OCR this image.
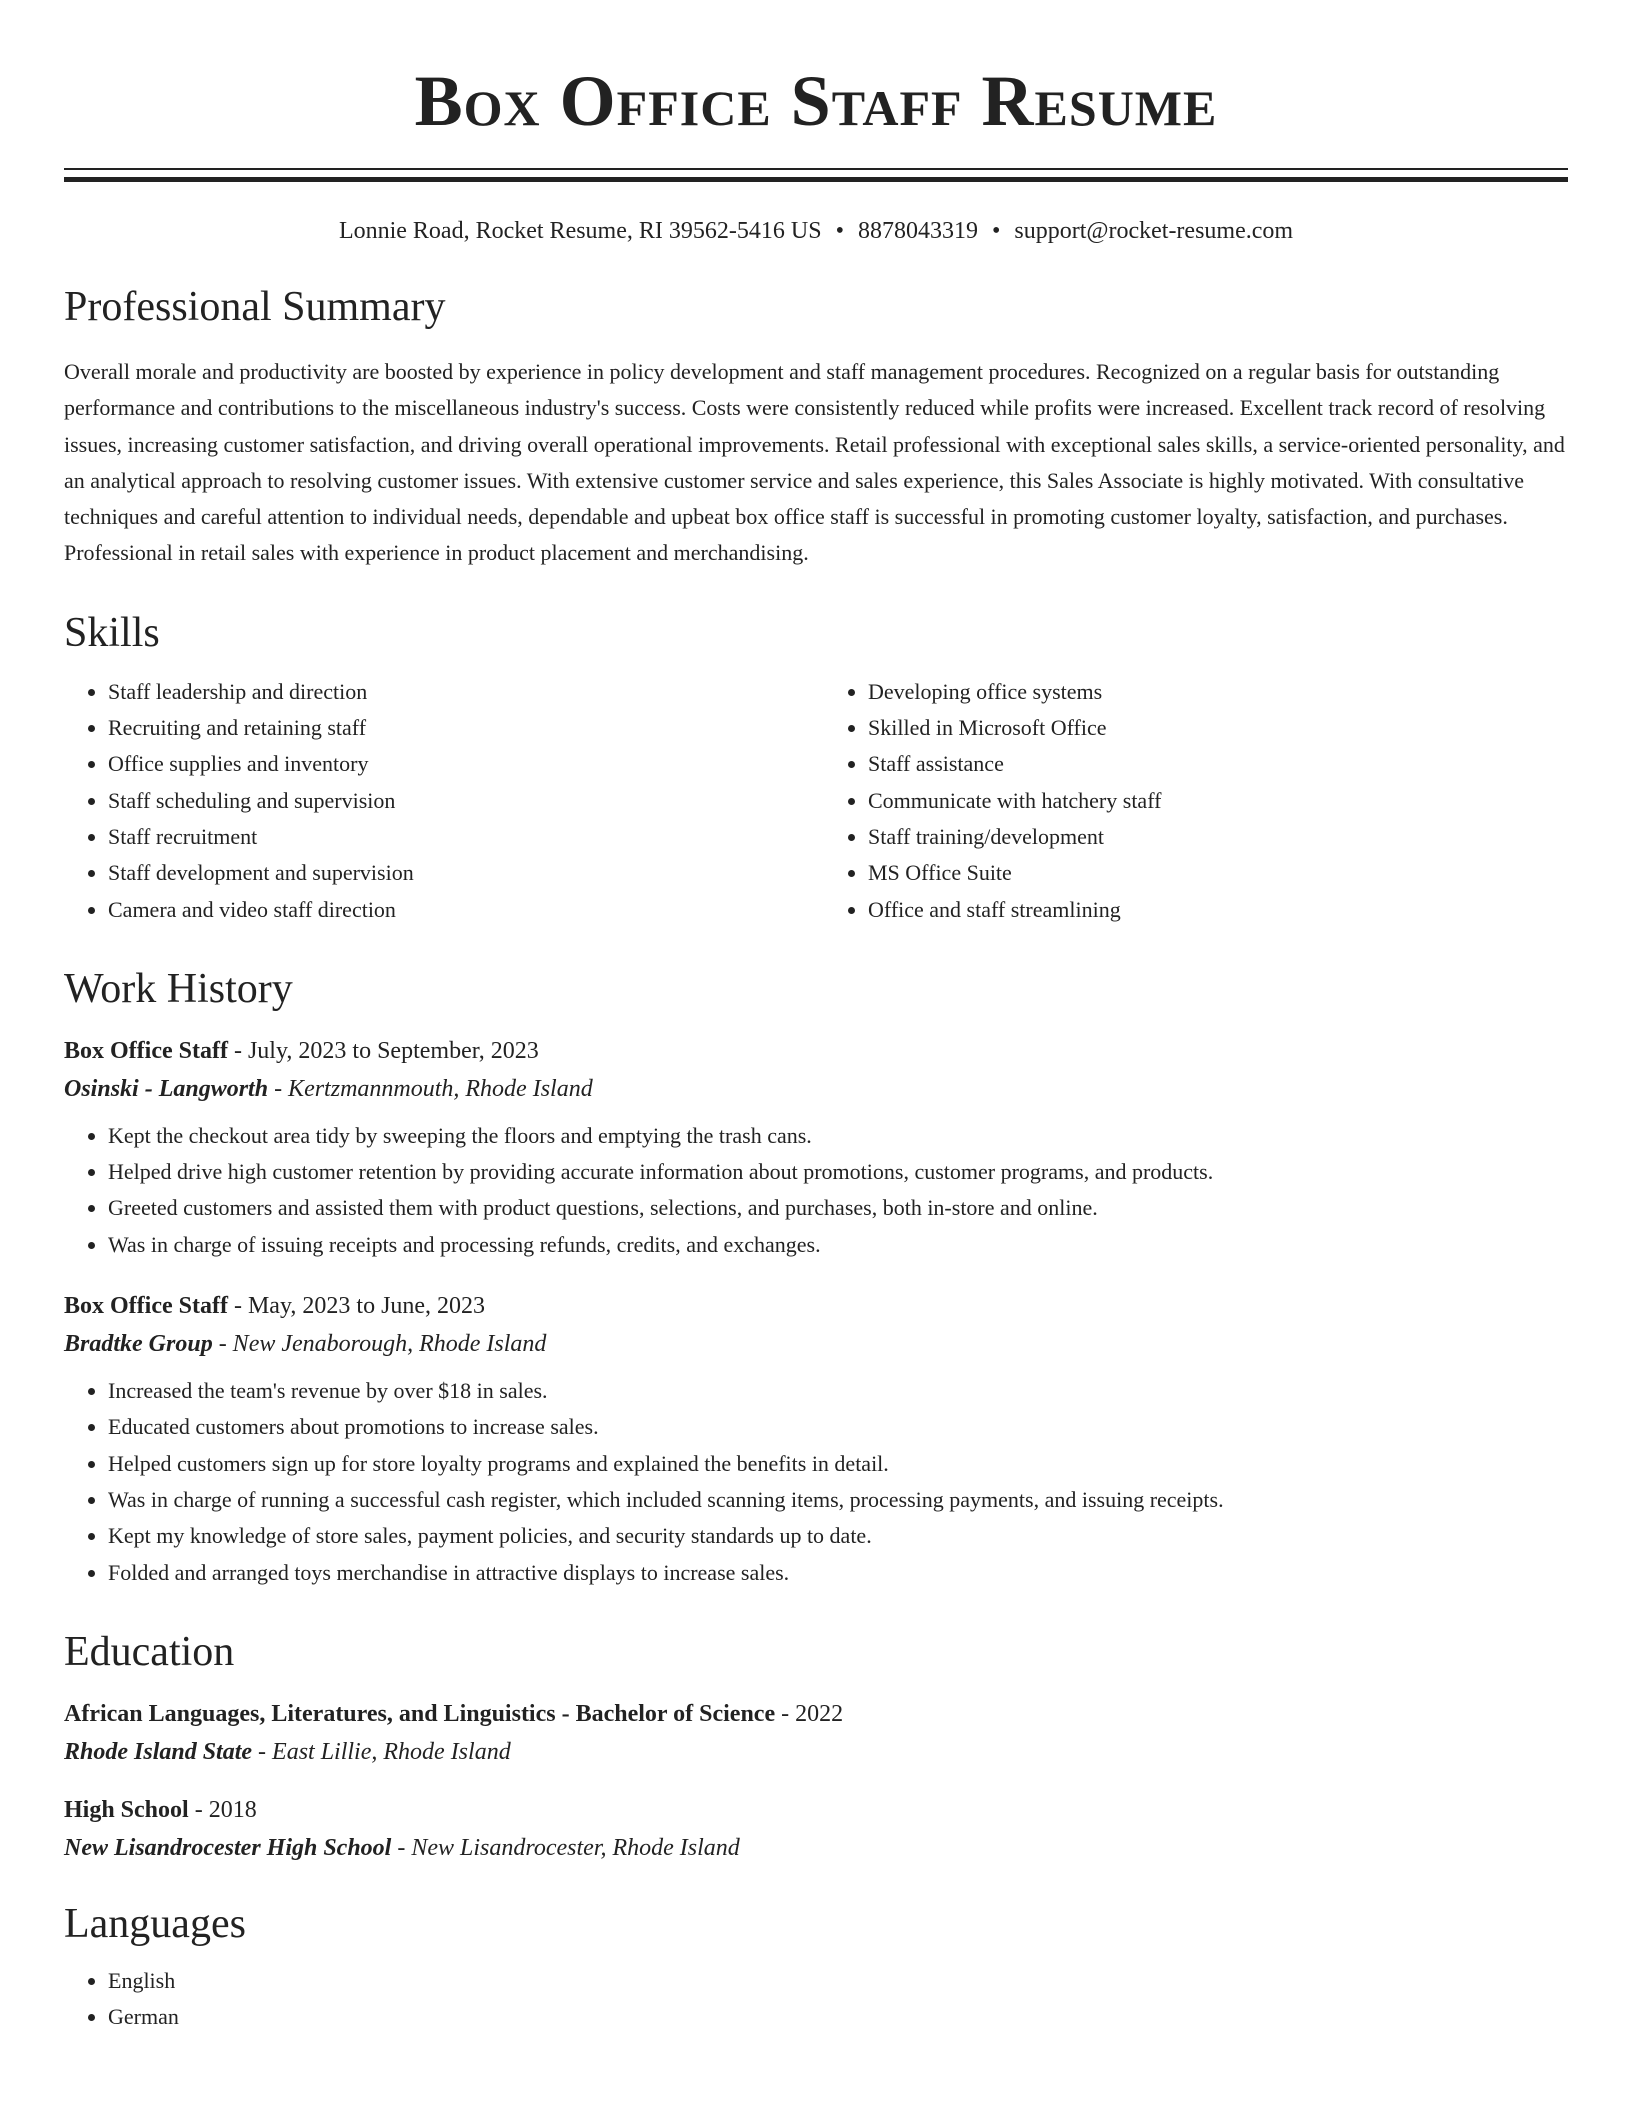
Box Office Staff Resume
Lonnie Road, Rocket Resume, RI 39562-5416 US • 8878043319 • support@rocket-resume.com
Professional Summary

Overall morale and productivity are boosted by experience in policy development and staff management procedures. Recognized on a regular basis for outstanding performance and contributions to the miscellaneous industry's success. Costs were consistently reduced while profits were increased. Excellent track record of resolving issues, increasing customer satisfaction, and driving overall operational improvements. Retail professional with exceptional sales skills, a service-oriented personality, and an analytical approach to resolving customer issues. With extensive customer service and sales experience, this Sales Associate is highly motivated. With consultative techniques and careful attention to individual needs, dependable and upbeat box office staff is successful in promoting customer loyalty, satisfaction, and purchases. Professional in retail sales with experience in product placement and merchandising.

Skills
• Staff leadership and direction
• Recruiting and retaining staff
• Office supplies and inventory
• Staff scheduling and supervision
• Staff recruitment
• Staff development and supervision
• Camera and video staff direction
• Developing office systems
• Skilled in Microsoft Office
• Staff assistance
• Communicate with hatchery staff
• Staff training/development
• MS Office Suite
• Office and staff streamlining
Work History
Box Office Staff - July, 2023 to September, 2023
Osinski - Langworth - Kertzmannmouth, Rhode Island
• Kept the checkout area tidy by sweeping the floors and emptying the trash cans.
• Helped drive high customer retention by providing accurate information about promotions, customer programs, and products.
• Greeted customers and assisted them with product questions, selections, and purchases, both in-store and online.
• Was in charge of issuing receipts and processing refunds, credits, and exchanges.
Box Office Staff - May, 2023 to June, 2023
Bradtke Group - New Jenaborough, Rhode Island
• Increased the team's revenue by over $18 in sales.
• Educated customers about promotions to increase sales.
• Helped customers sign up for store loyalty programs and explained the benefits in detail.
• Was in charge of running a successful cash register, which included scanning items, processing payments, and issuing receipts.
• Kept my knowledge of store sales, payment policies, and security standards up to date.
• Folded and arranged toys merchandise in attractive displays to increase sales.
Education
African Languages, Literatures, and Linguistics - Bachelor of Science - 2022
Rhode Island State - East Lillie, Rhode Island
High School - 2018
New Lisandrocester High School - New Lisandrocester, Rhode Island
Languages
• English
• German
